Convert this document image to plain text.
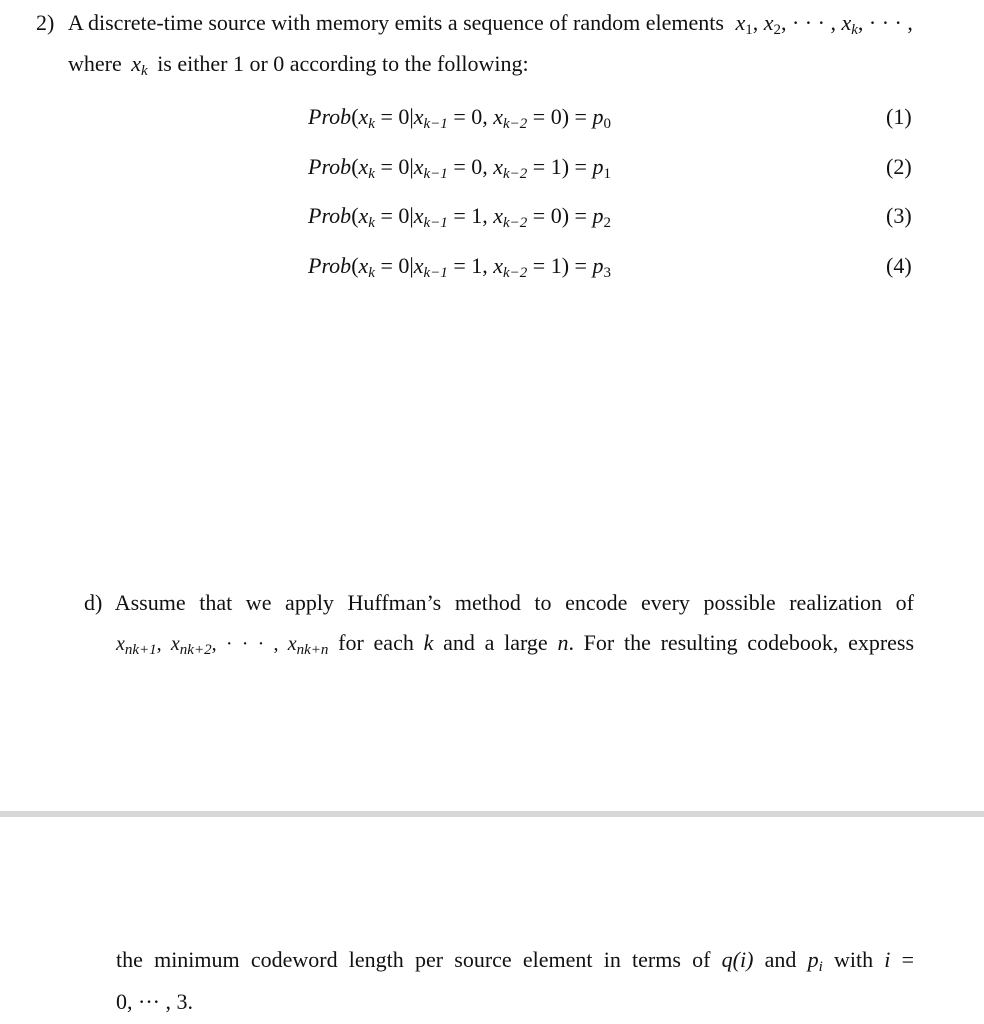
2) A discrete-time source with memory emits a sequence of random elements $x_1$, $x_2$, · · · , $x_k$, · · · ,
where $x_k$ is either 1 or 0 according to the following:
$Prob(x_k = 0|x_{k-1} = 0$, $x_{k-2} = 0) = p_0$	(1)
$Prob(x_k = 0|x_{k-1} = 0$, $x_{k-2} = 1) = p_1$	(2)
$Prob(x_k = 0|x_{k-1} = 1$, $x_{k-2} = 0) = p_2$	(3)
$Prob(x_k = 0|x_{k-1} = 1$, $x_{k-2} = 1) = p_3$	(4)
d) Assume that we apply Huffman’s method to encode every possible realization of
$x_{nk+1}$, $x_{nk+2}$, · · · , $x_{nk+n}$ for each k and a large n. For the resulting codebook, express
the minimum codeword length per source element in terms of q(i) and $p_i$ with i =
0, ··· , 3.
